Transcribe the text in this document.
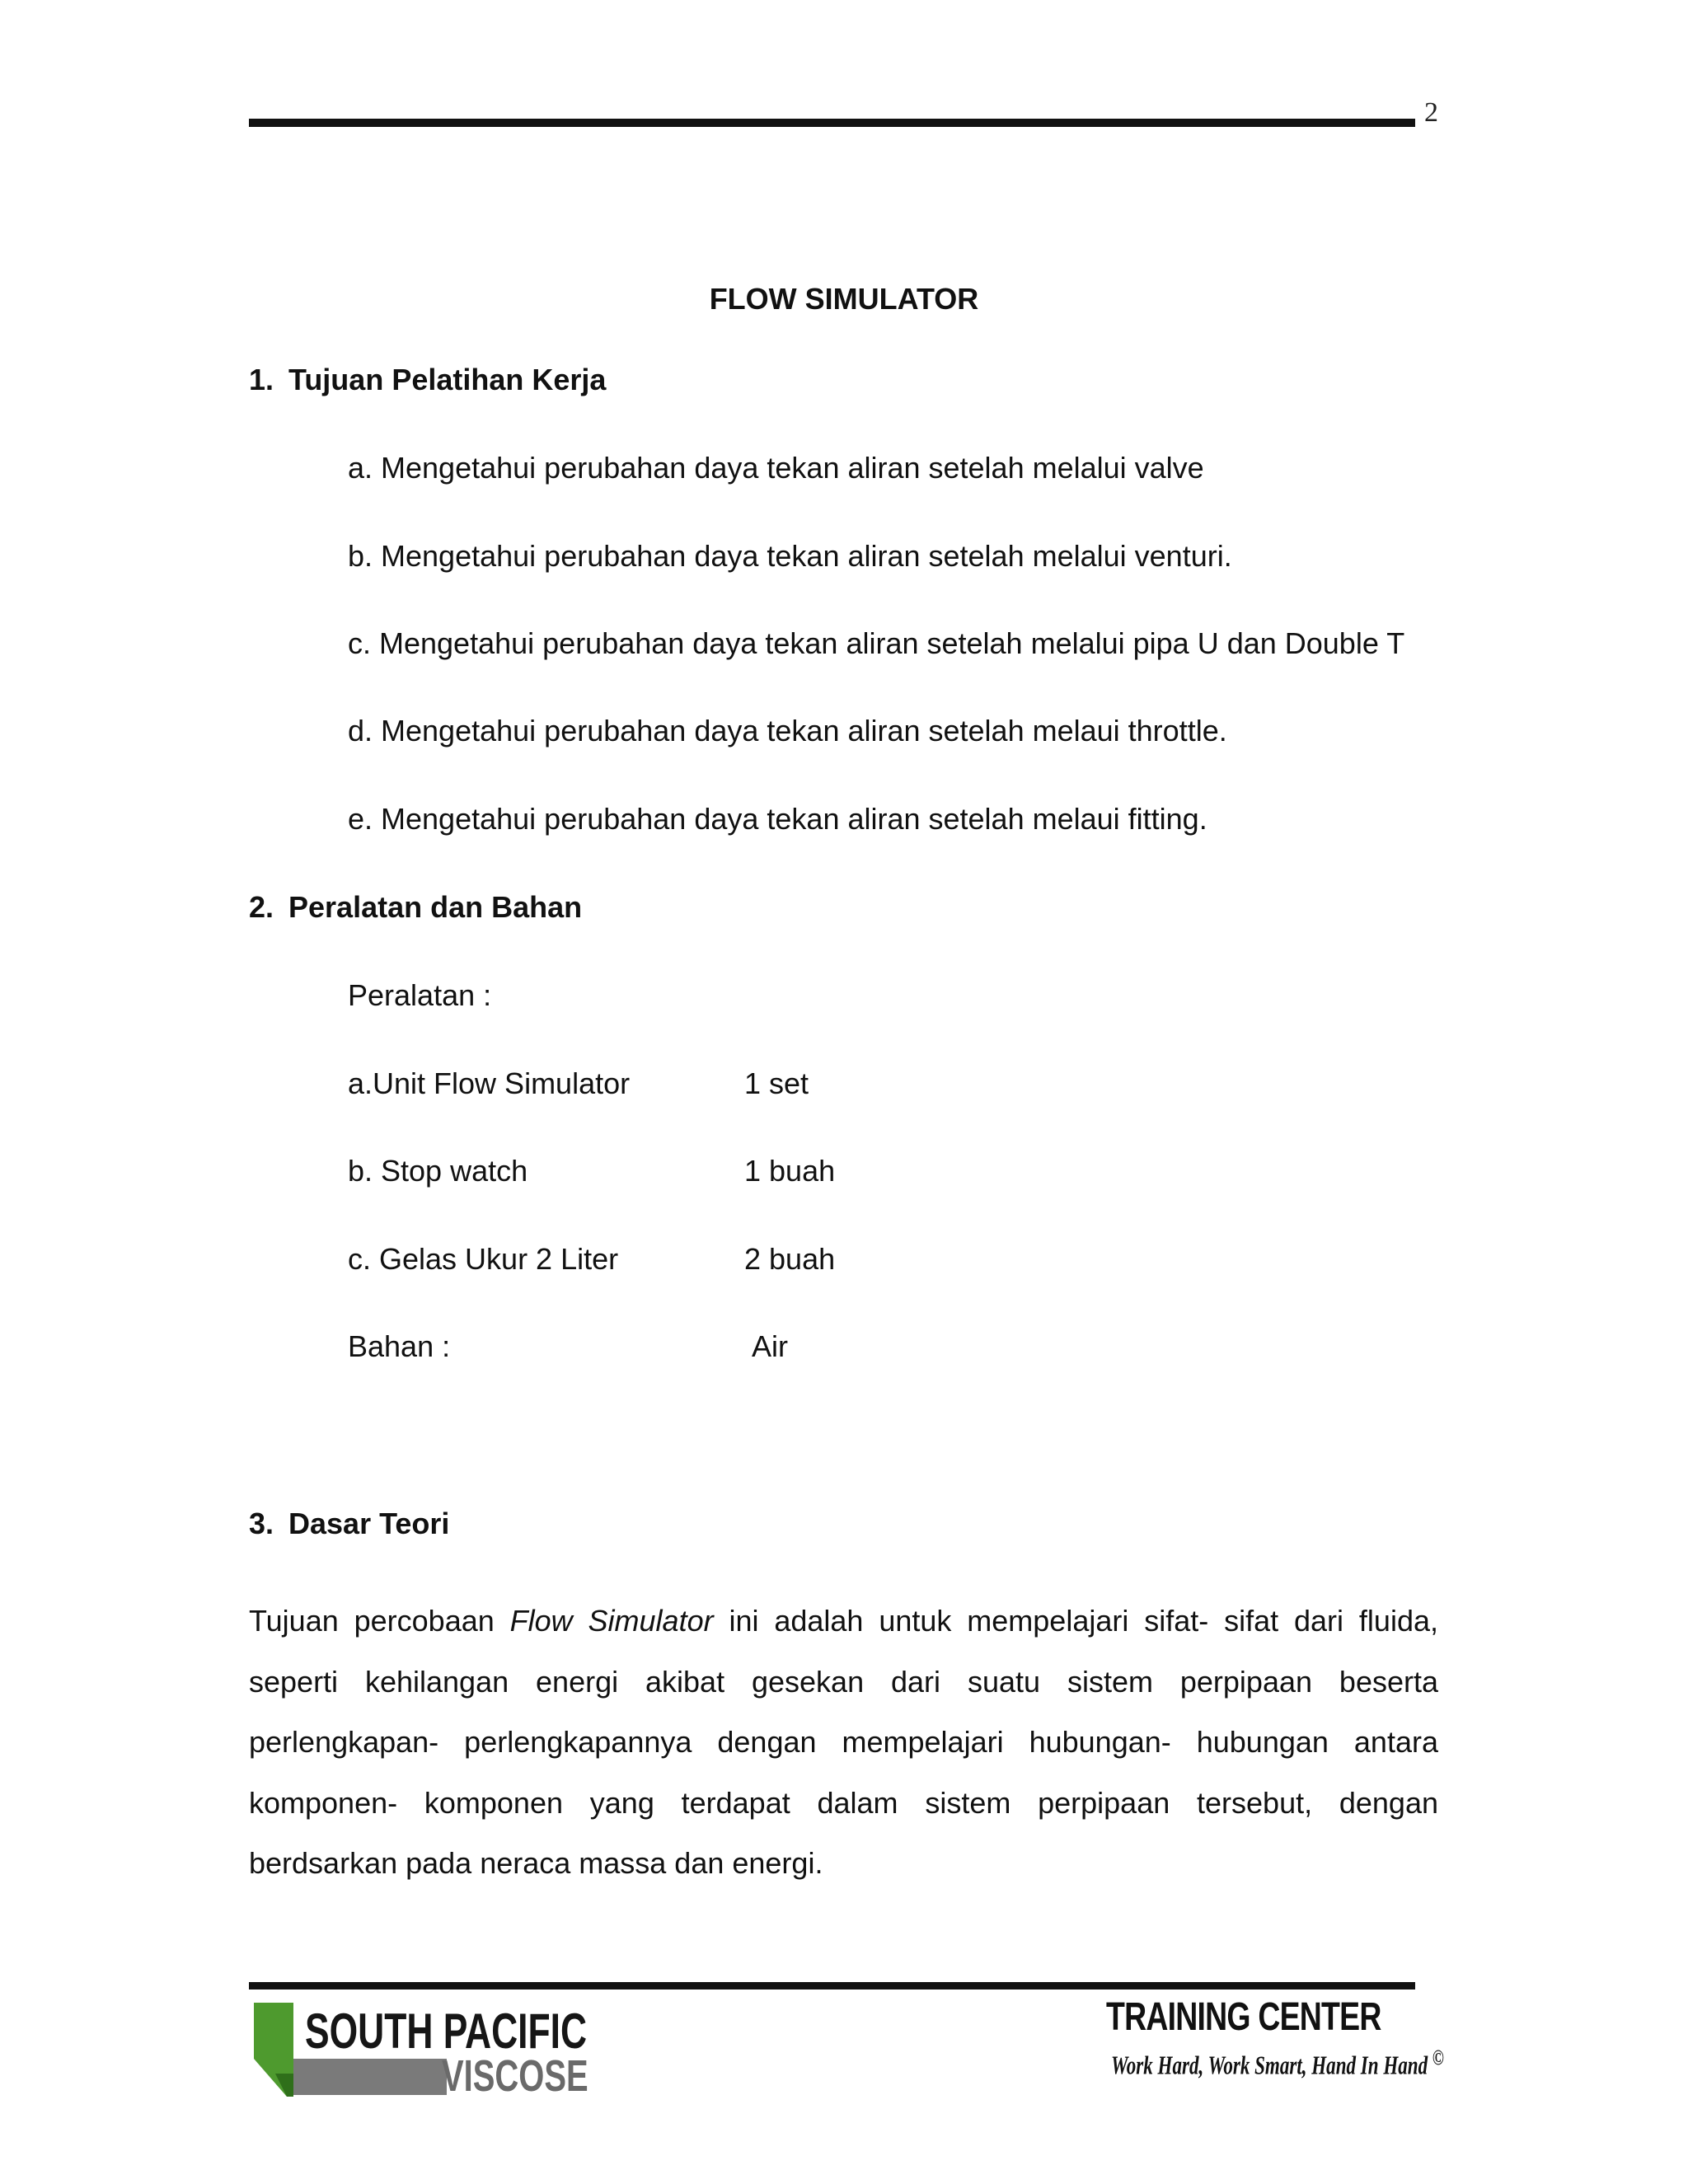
2
FLOW SIMULATOR
1. Tujuan Pelatihan Kerja
a. Mengetahui perubahan daya tekan aliran setelah melalui valve
b. Mengetahui perubahan daya tekan aliran setelah melalui venturi.
c. Mengetahui perubahan daya tekan aliran setelah melalui pipa U dan Double T
d. Mengetahui perubahan daya tekan aliran setelah melaui throttle.
e. Mengetahui perubahan daya tekan aliran setelah melaui fitting.
2. Peralatan dan Bahan
Peralatan :
a.Unit Flow Simulator	1 set
b. Stop watch	1 buah
c. Gelas Ukur 2 Liter	2 buah
Bahan :	Air
3. Dasar Teori
Tujuan percobaan Flow Simulator ini adalah untuk mempelajari sifat- sifat dari fluida, seperti kehilangan energi akibat gesekan dari suatu sistem perpipaan beserta perlengkapan- perlengkapannya dengan mempelajari hubungan- hubungan antara komponen- komponen yang terdapat dalam sistem perpipaan tersebut, dengan berdsarkan pada neraca massa dan energi.
SOUTH PACIFIC
VISCOSE
TRAINING CENTER
Work Hard, Work Smart, Hand In Hand ©
